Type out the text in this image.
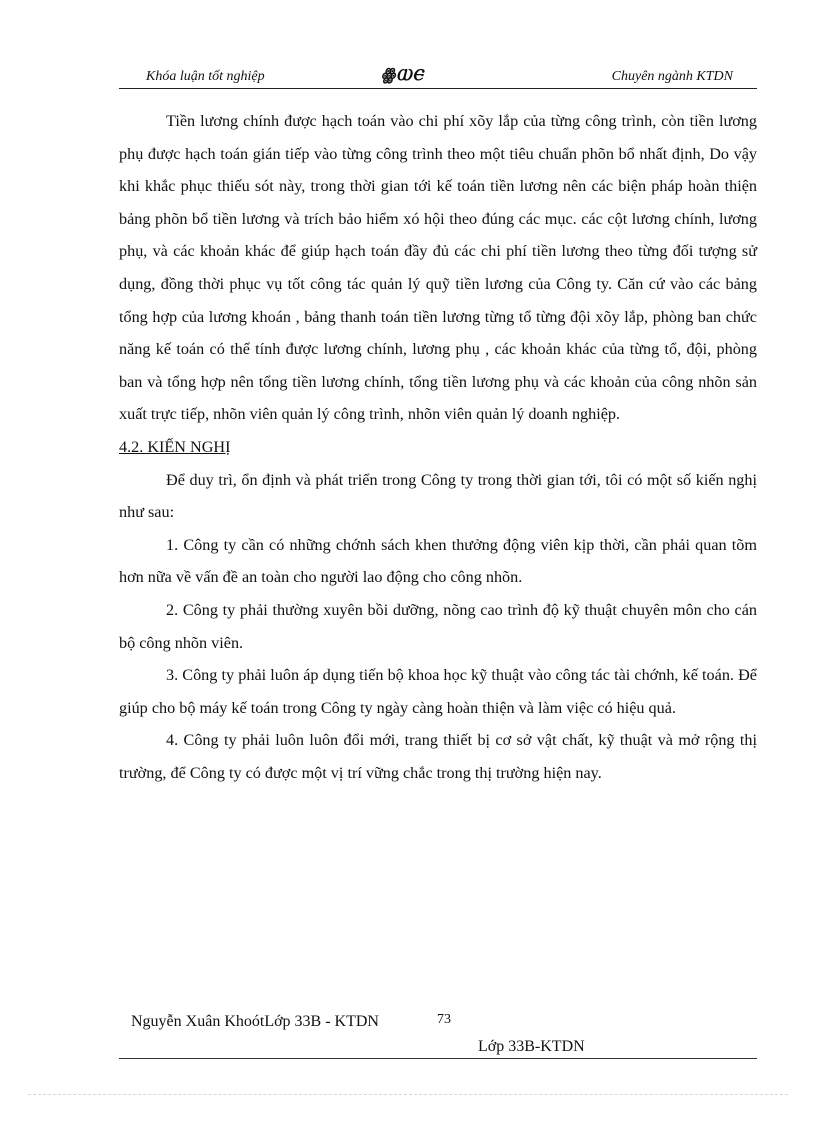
Khóa luận tốt nghiệp	ꙮⲰⲈ	Chuyên ngành KTDN

Tiền lương chính được hạch toán vào chi phí xõy lắp của từng công trình, còn tiền lương phụ được hạch toán gián tiếp vào từng công trình theo một tiêu chuẩn phõn bổ nhất định, Do vậy khi khắc phục thiếu sót này, trong thời gian tới kế toán tiền lương nên các biện pháp hoàn thiện bảng phõn bổ tiền lương và trích bảo hiểm xó hội theo đúng các mục. các cột lương chính, lương phụ, và các khoản khác để giúp hạch toán đầy đủ các chi phí tiền lương theo từng đối tượng sử dụng, đồng thời phục vụ tốt công tác quản lý quỹ tiền lương của Công ty. Căn cứ vào các bảng tổng hợp của lương khoán , bảng thanh toán tiền lương từng tổ từng đội xõy lắp, phòng ban chức năng kế toán có thể tính được lương chính, lương phụ , các khoản khác của từng tổ, đội, phòng ban và tổng hợp nên tổng tiền lương chính, tổng tiền lương phụ và các khoản của công nhõn sản xuất trực tiếp, nhõn viên quản lý công trình, nhõn viên quản lý doanh nghiệp.

4.2. KIẾN NGHỊ

Để duy trì, ổn định và phát triển trong Công ty trong thời gian tới, tôi có một số kiến nghị như sau:

1. Công ty cần có những chớnh sách khen thưởng động viên kịp thời, cần phải quan tõm hơn nữa về vấn đề an toàn cho người lao động cho công nhõn.

2. Công ty phải thường xuyên bồi dưỡng, nõng cao trình độ kỹ thuật chuyên môn cho cán bộ công nhõn viên.

3. Công ty phải luôn áp dụng tiến bộ khoa học kỹ thuật vào công tác tài chớnh, kế toán. Để giúp cho bộ máy kế toán trong Công ty ngày càng hoàn thiện và làm việc có hiệu quả.

4. Công ty phải luôn luôn đổi mới, trang thiết bị cơ sở vật chất, kỹ thuật và mở rộng thị trường, để Công ty có được một vị trí vững chắc trong thị trường hiện nay.

Nguyễn Xuân KhoótLớp 33B - KTDN	73
Lớp 33B-KTDN
